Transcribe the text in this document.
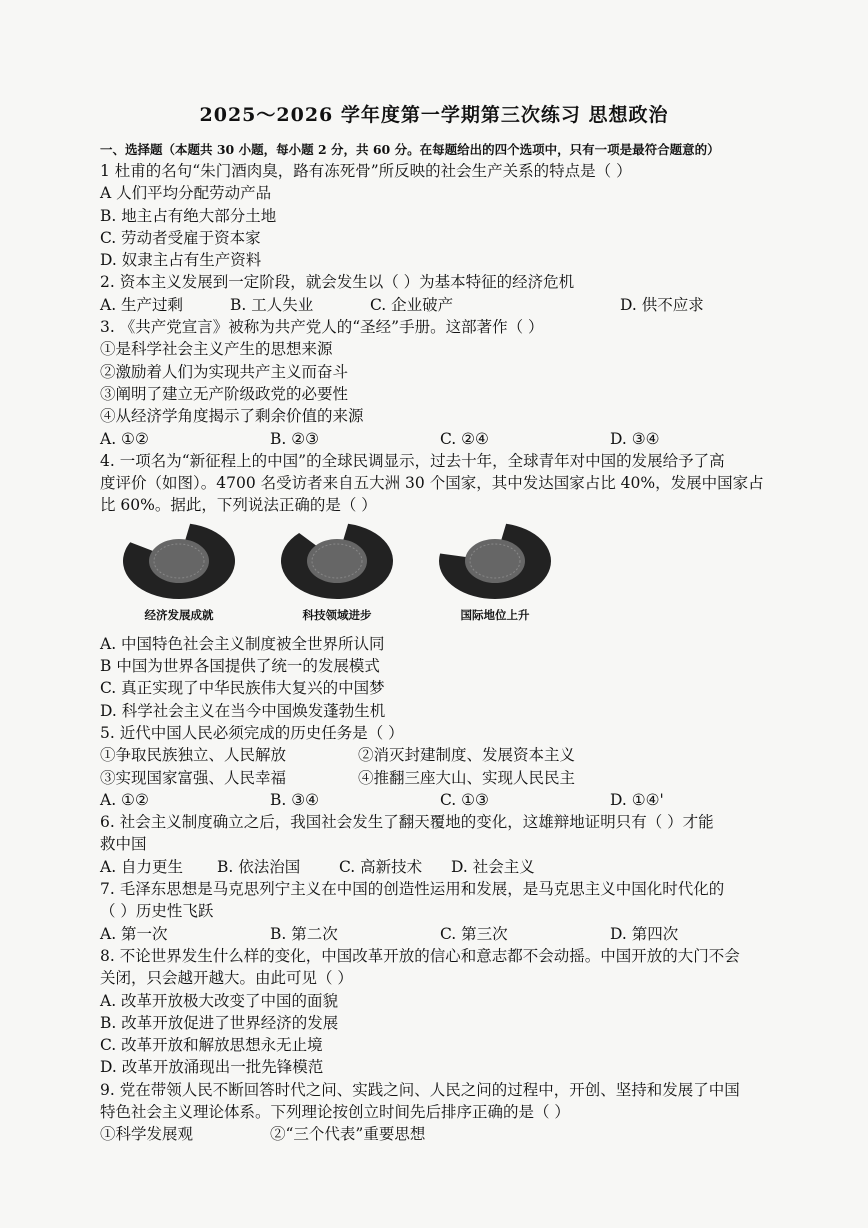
2025～2026 学年度第一学期第三次练习 思想政治
一、选择题（本题共 30 小题，每小题 2 分，共 60 分。在每题给出的四个选项中，只有一项是最符合题意的）
1 杜甫的名句“朱门酒肉臭，路有冻死骨”所反映的社会生产关系的特点是（ ）
A 人们平均分配劳动产品
B. 地主占有绝大部分土地
C. 劳动者受雇于资本家
D. 奴隶主占有生产资料
2. 资本主义发展到一定阶段，就会发生以（ ）为基本特征的经济危机
A. 生产过剩	B. 工人失业	C. 企业破产	D. 供不应求
3. 《共产党宣言》被称为共产党人的“圣经”手册。这部著作（ ）
①是科学社会主义产生的思想来源
②激励着人们为实现共产主义而奋斗
③阐明了建立无产阶级政党的必要性
④从经济学角度揭示了剩余价值的来源
A. ①②	B. ②③	C. ②④	D. ③④
4. 一项名为“新征程上的中国”的全球民调显示，过去十年，全球青年对中国的发展给予了高
度评价（如图）。4700 名受访者来自五大洲 30 个国家，其中发达国家占比 40%，发展中国家占
比 60%。据此，下列说法正确的是（ ）
经济发展成就	科技领域进步	国际地位上升
A. 中国特色社会主义制度被全世界所认同
B 中国为世界各国提供了统一的发展模式
C. 真正实现了中华民族伟大复兴的中国梦
D. 科学社会主义在当今中国焕发蓬勃生机
5. 近代中国人民必须完成的历史任务是（ ）
①争取民族独立、人民解放	②消灭封建制度、发展资本主义
③实现国家富强、人民幸福	④推翻三座大山、实现人民民主
A. ①②	B. ③④	C. ①③	D. ①④'
6. 社会主义制度确立之后，我国社会发生了翻天覆地的变化，这雄辩地证明只有（ ）才能
救中国
A. 自力更生	B. 依法治国	C. 高新技术	D. 社会主义
7. 毛泽东思想是马克思列宁主义在中国的创造性运用和发展，是马克思主义中国化时代化的
（ ）历史性飞跃
A. 第一次	B. 第二次	C. 第三次	D. 第四次
8. 不论世界发生什么样的变化，中国改革开放的信心和意志都不会动摇。中国开放的大门不会
关闭，只会越开越大。由此可见（ ）
A. 改革开放极大改变了中国的面貌
B. 改革开放促进了世界经济的发展
C. 改革开放和解放思想永无止境
D. 改革开放涌现出一批先锋模范
9. 党在带领人民不断回答时代之问、实践之问、人民之问的过程中，开创、坚持和发展了中国
特色社会主义理论体系。下列理论按创立时间先后排序正确的是（ ）
①科学发展观	②“三个代表”重要思想
